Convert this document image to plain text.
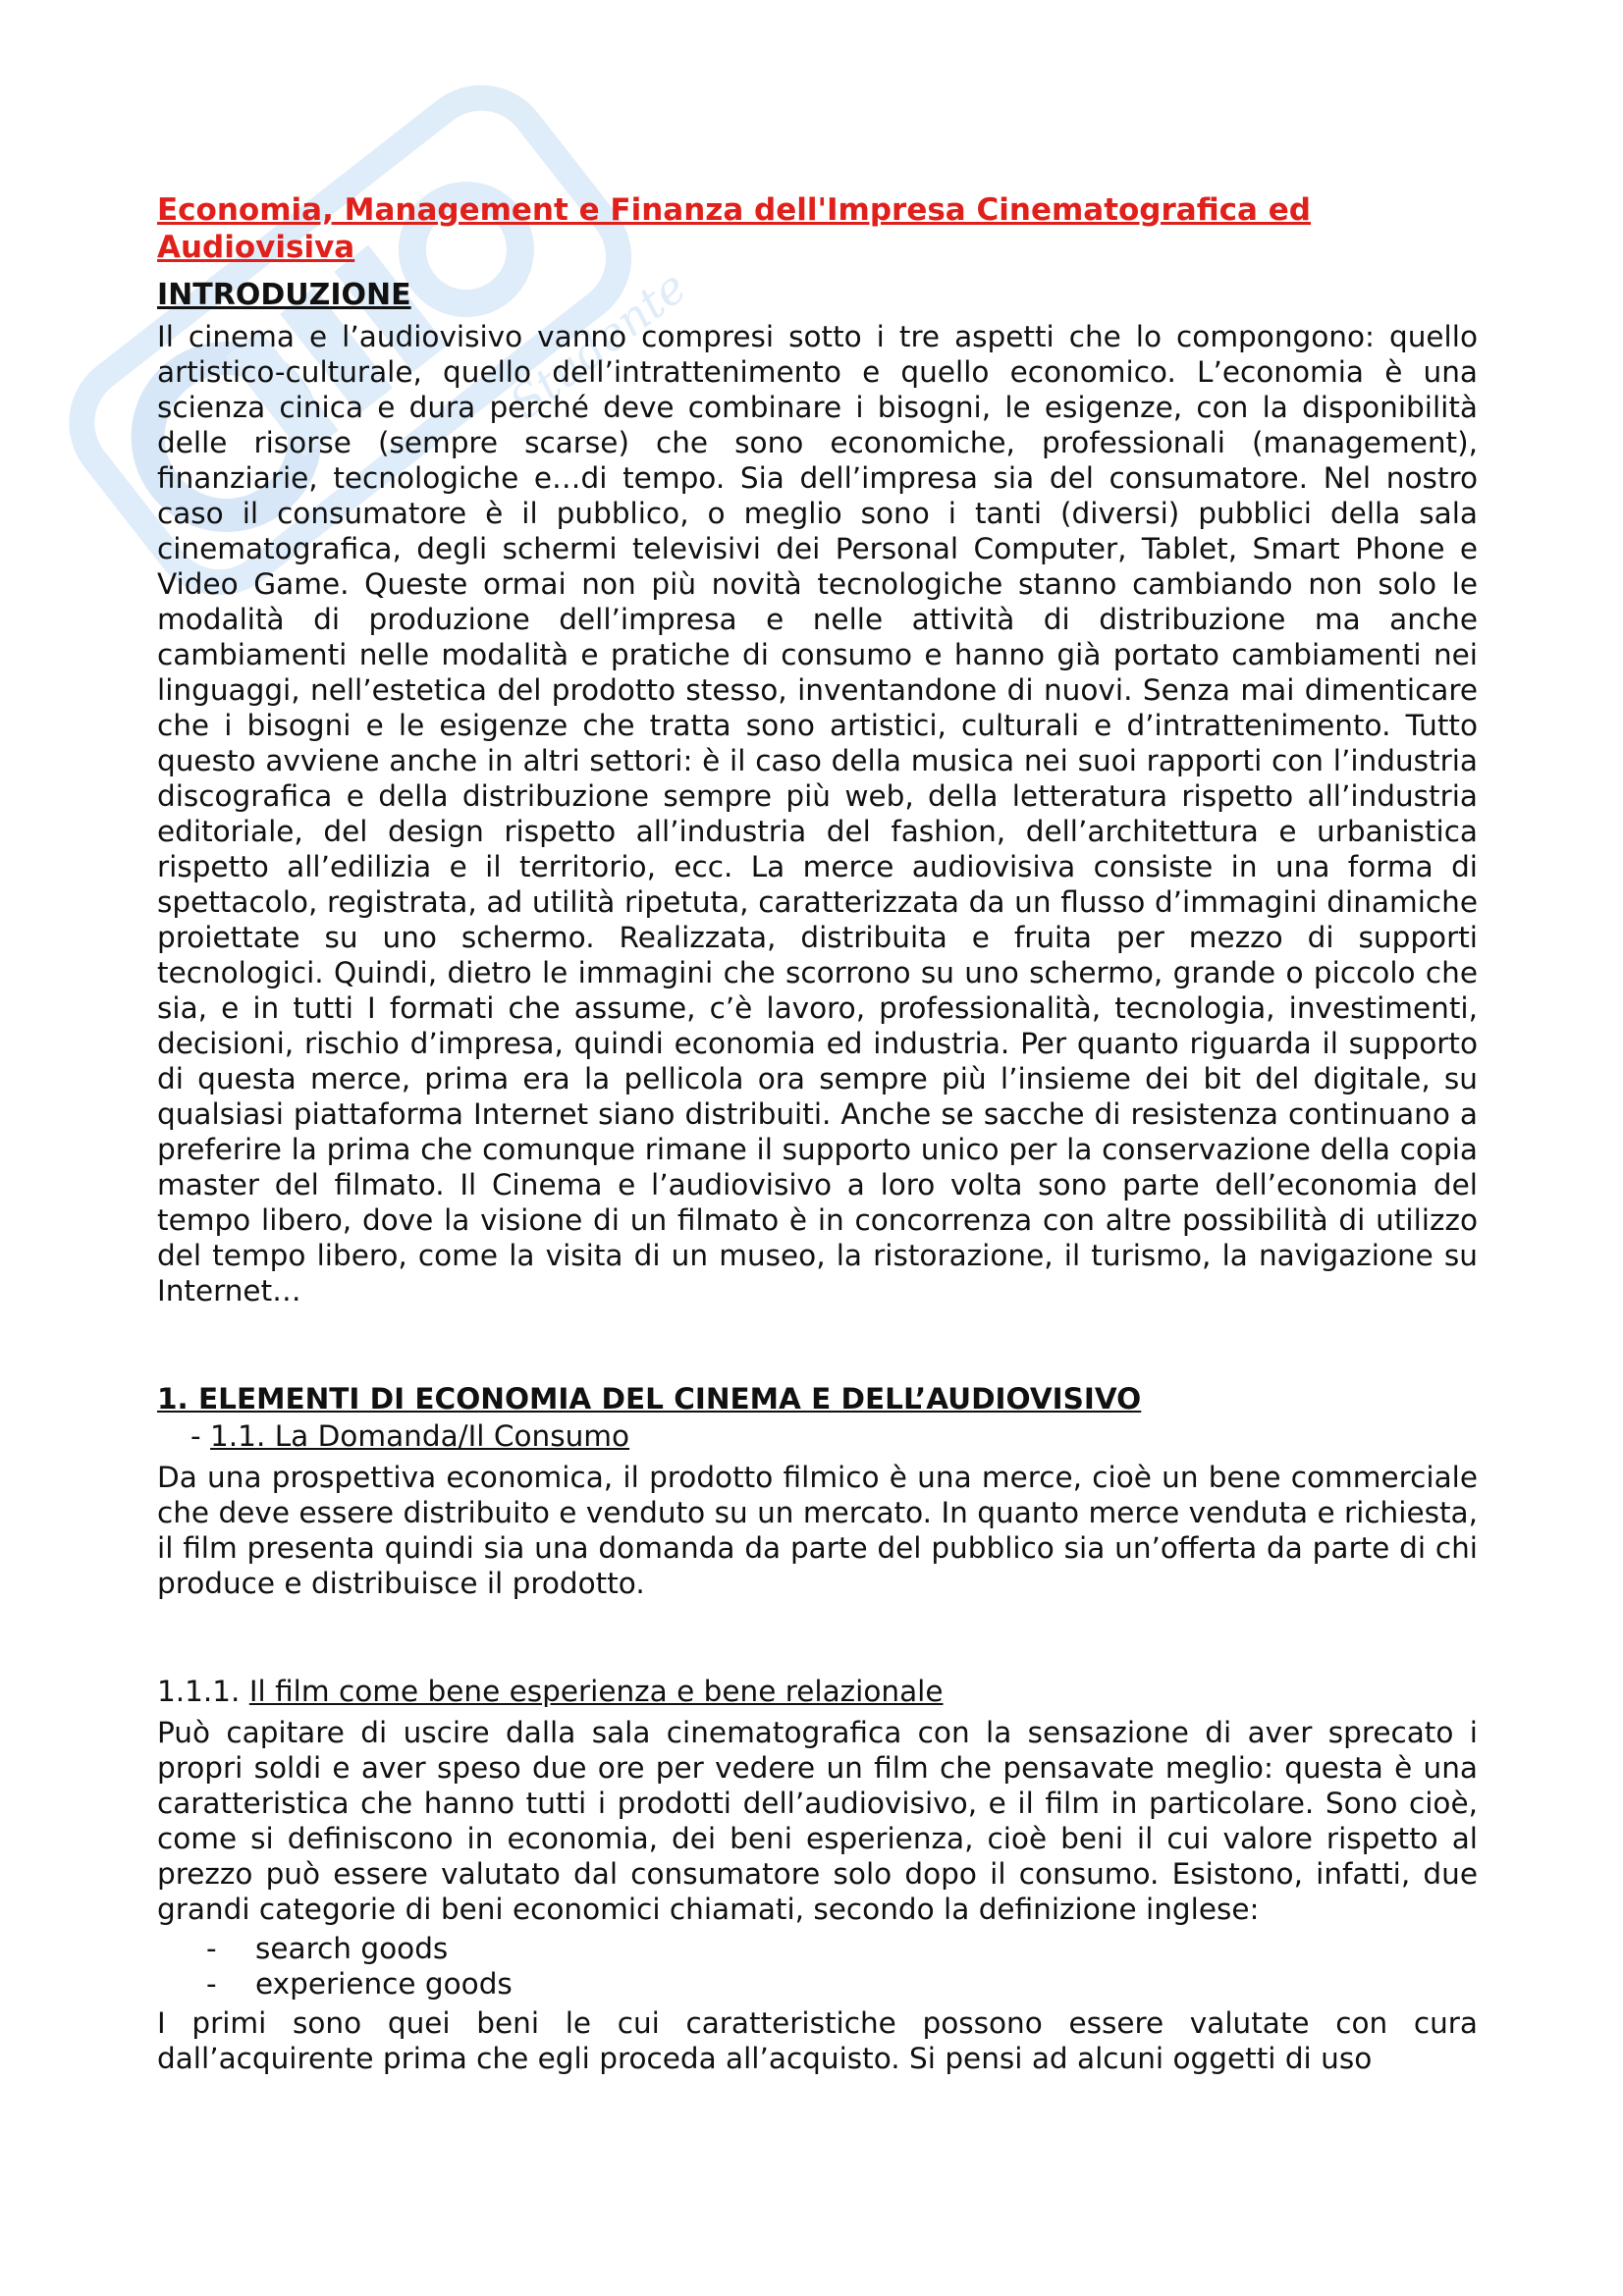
Studente
Economia, Management e Finanza dell'Impresa Cinematografica ed Audiovisiva
INTRODUZIONE

Il cinema e l’audiovisivo vanno compresi sotto i tre aspetti che lo compongono: quello artistico-culturale, quello dell’intrattenimento e quello economico. L’economia è una scienza cinica e dura perché deve combinare i bisogni, le esigenze, con la disponibilità delle risorse (sempre scarse) che sono economiche, professionali (management), finanziarie, tecnologiche e…di tempo. Sia dell’impresa sia del consumatore. Nel nostro caso il consumatore è il pubblico, o meglio sono i tanti (diversi) pubblici della sala cinematografica, degli schermi televisivi dei Personal Computer, Tablet, Smart Phone e Video Game. Queste ormai non più novità tecnologiche stanno cambiando non solo le modalità di produzione dell’impresa e nelle attività di distribuzione ma anche cambiamenti nelle modalità e pratiche di consumo e hanno già portato cambiamenti nei linguaggi, nell’estetica del prodotto stesso, inventandone di nuovi. Senza mai dimenticare che i bisogni e le esigenze che tratta sono artistici, culturali e d’intrattenimento. Tutto questo avviene anche in altri settori: è il caso della musica nei suoi rapporti con l’industria discografica e della distribuzione sempre più web, della letteratura rispetto all’industria editoriale, del design rispetto all’industria del fashion, dell’architettura e urbanistica rispetto all’edilizia e il territorio, ecc. La merce audiovisiva consiste in una forma di spettacolo, registrata, ad utilità ripetuta, caratterizzata da un flusso d’immagini dinamiche proiettate su uno schermo. Realizzata, distribuita e fruita per mezzo di supporti tecnologici. Quindi, dietro le immagini che scorrono su uno schermo, grande o piccolo che sia, e in tutti I formati che assume, c’è lavoro, professionalità, tecnologia, investimenti, decisioni, rischio d’impresa, quindi economia ed industria. Per quanto riguarda il supporto di questa merce, prima era la pellicola ora sempre più l’insieme dei bit del digitale, su qualsiasi piattaforma Internet siano distribuiti. Anche se sacche di resistenza continuano a preferire la prima che comunque rimane il supporto unico per la conservazione della copia master del filmato. Il Cinema e l’audiovisivo a loro volta sono parte dell’economia del tempo libero, dove la visione di un filmato è in concorrenza con altre possibilità di utilizzo del tempo libero, come la visita di un museo, la ristorazione, il turismo, la navigazione su Internet…

1. ELEMENTI DI ECONOMIA DEL CINEMA E DELL’AUDIOVISIVO
- 1.1. La Domanda/Il Consumo

Da una prospettiva economica, il prodotto filmico è una merce, cioè un bene commerciale che deve essere distribuito e venduto su un mercato. In quanto merce venduta e richiesta, il film presenta quindi sia una domanda da parte del pubblico sia un’offerta da parte di chi produce e distribuisce il prodotto.

1.1.1. Il film come bene esperienza e bene relazionale

Può capitare di uscire dalla sala cinematografica con la sensazione di aver sprecato i propri soldi e aver speso due ore per vedere un film che pensavate meglio: questa è una caratteristica che hanno tutti i prodotti dell’audiovisivo, e il film in particolare. Sono cioè, come si definiscono in economia, dei beni esperienza, cioè beni il cui valore rispetto al prezzo può essere valutato dal consumatore solo dopo il consumo. Esistono, infatti, due grandi categorie di beni economici chiamati, secondo la definizione inglese:

- search goods
- experience goods

I primi sono quei beni le cui caratteristiche possono essere valutate con cura dall’acquirente prima che egli proceda all’acquisto. Si pensi ad alcuni oggetti di uso
